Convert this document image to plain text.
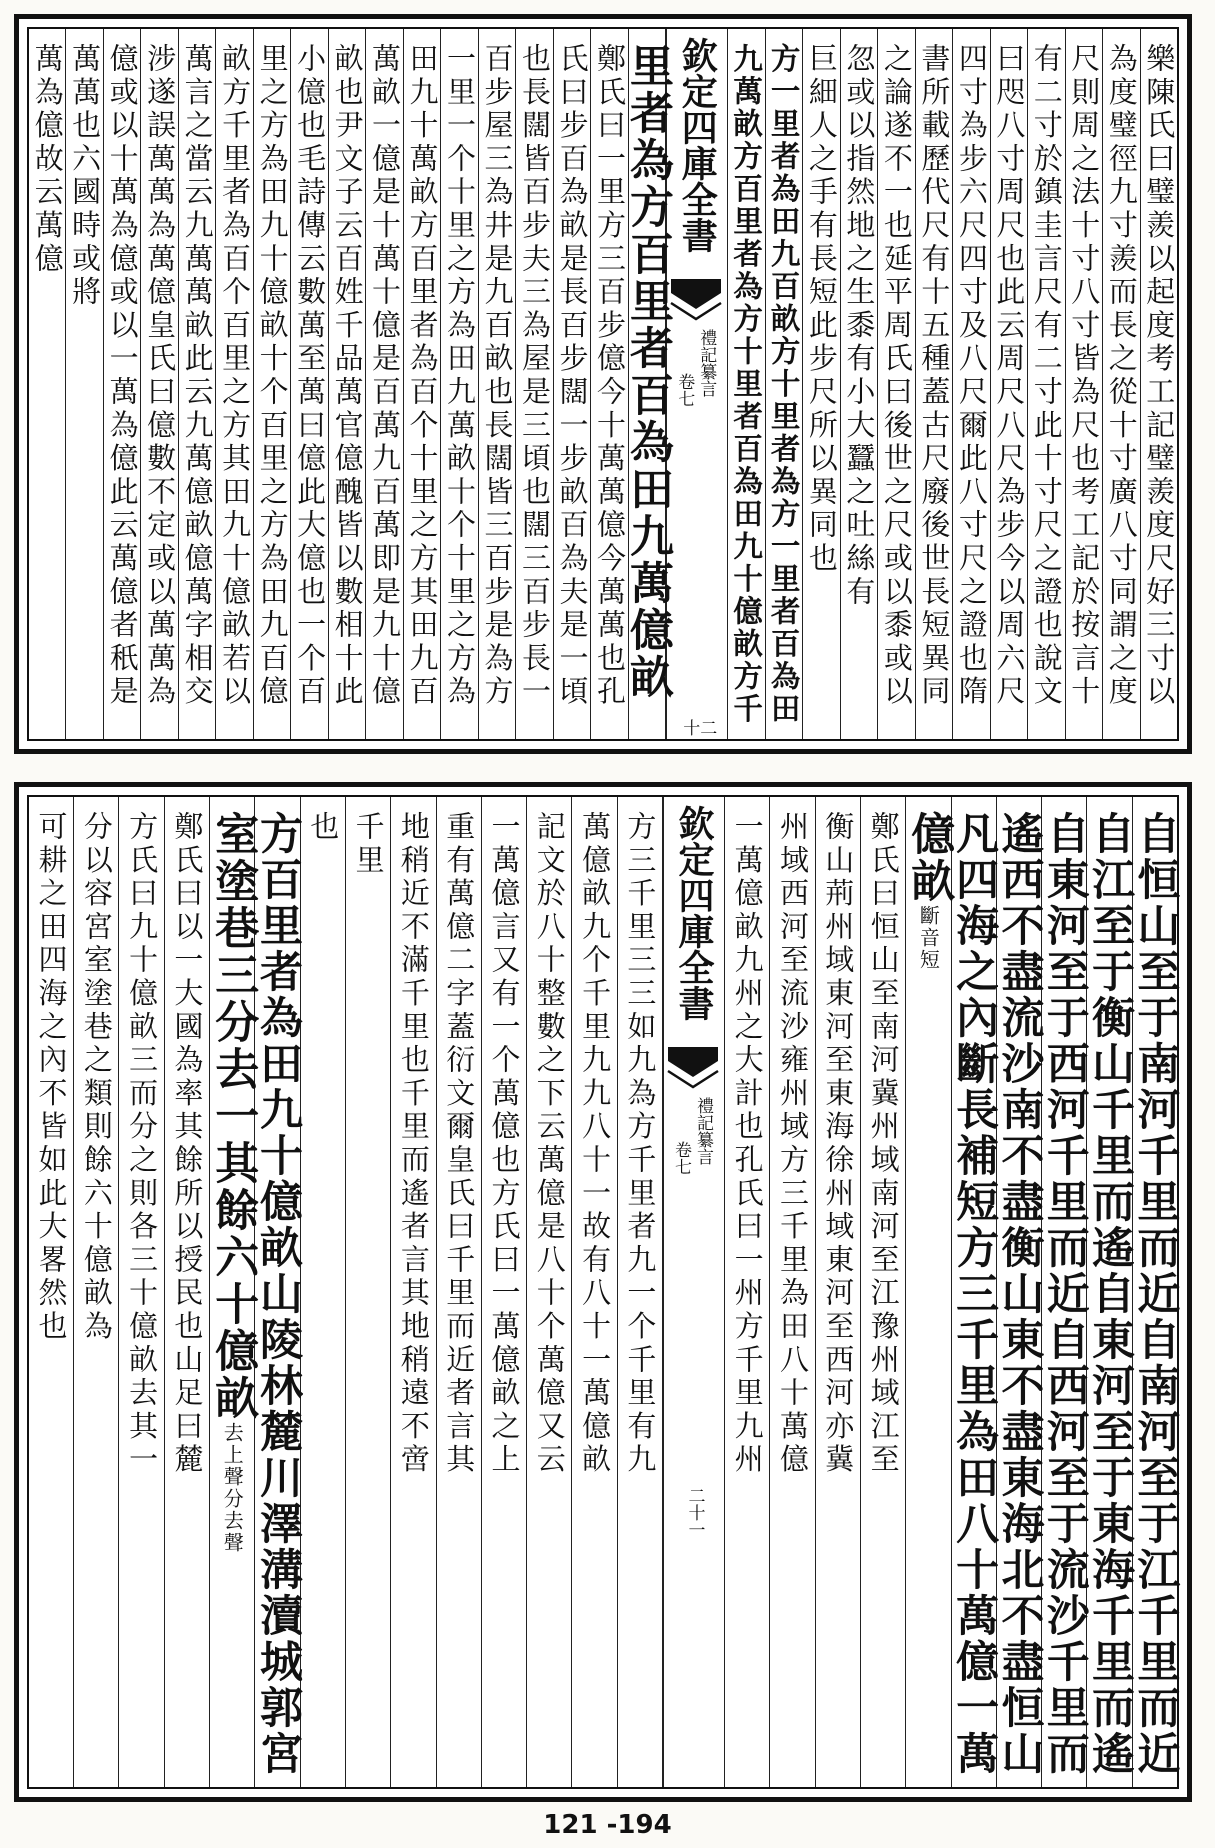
樂陳氏曰璧羨以起度考工記璧羨度尺好三寸以
為度璧徑九寸羨而長之從十寸廣八寸同謂之度
尺則周之法十寸八寸皆為尺也考工記於按言十
有二寸於鎮圭言尺有二寸此十寸尺之證也說文
曰咫八寸周尺也此云周尺八尺為步今以周六尺
四寸為步六尺四寸及八尺爾此八寸尺之證也隋
書所載歷代尺有十五種蓋古尺廢後世長短異同
之論遂不一也延平周氏曰後世之尺或以黍或以
忽或以指然地之生黍有小大蠶之吐絲有
巨細人之手有長短此步尺所以異同也
方一里者為田九百畝方十里者為方一里者百為田
九萬畝方百里者為方十里者百為田九十億畝方千
欽定四庫全書
禮記纂言
卷七
二十
里者為方百里者百為田九萬億畝
鄭氏曰一里方三百步億今十萬萬億今萬萬也孔
氏曰步百為畝是長百步闊一步畝百為夫是一頃
也長闊皆百步夫三為屋是三頃也闊三百步長一
百步屋三為井是九百畝也長闊皆三百步是為方
一里一个十里之方為田九萬畝十个十里之方為
田九十萬畝方百里者為百个十里之方其田九百
萬畝一億是十萬十億是百萬九百萬即是九十億
畝也尹文子云百姓千品萬官億醜皆以數相十此
小億也毛詩傳云數萬至萬曰億此大億也一个百
里之方為田九十億畝十个百里之方為田九百億
畝方千里者為百个百里之方其田九十億畝若以
萬言之當云九萬萬畝此云九萬億畝億萬字相交
涉遂誤萬萬為萬億皇氏曰億數不定或以萬萬為
億或以十萬為億或以一萬為億此云萬億者秖是
萬萬也六國時或將
萬為億故云萬億
自恒山至于南河千里而近自南河至于江千里而近
自江至于衡山千里而遙自東河至于東海千里而遙
自東河至于西河千里而近自西河至于流沙千里而
遙西不盡流沙南不盡衡山東不盡東海北不盡恒山
凡四海之內斷長補短方三千里為田八十萬億一萬
億畝斷音短
鄭氏曰恒山至南河冀州域南河至江豫州域江至
衡山荊州域東河至東海徐州域東河至西河亦冀
州域西河至流沙雍州域方三千里為田八十萬億
一萬億畝九州之大計也孔氏曰一州方千里九州
欽定四庫全書
禮記纂言
卷七
二十一
方三千里三三如九為方千里者九一个千里有九
萬億畝九个千里九九八十一故有八十一萬億畝
記文於八十整數之下云萬億是八十个萬億又云
一萬億言又有一个萬億也方氏曰一萬億畝之上
重有萬億二字蓋衍文爾皇氏曰千里而近者言其
地稍近不滿千里也千里而遙者言其地稍遠不啻
千里
也
方百里者為田九十億畝山陵林麓川澤溝瀆城郭宮
室塗巷三分去一其餘六十億畝去上聲分去聲
鄭氏曰以一大國為率其餘所以授民也山足曰麓
方氏曰九十億畝三而分之則各三十億畝去其一
分以容宮室塗巷之類則餘六十億畝為
可耕之田四海之內不皆如此大畧然也
121 -194
